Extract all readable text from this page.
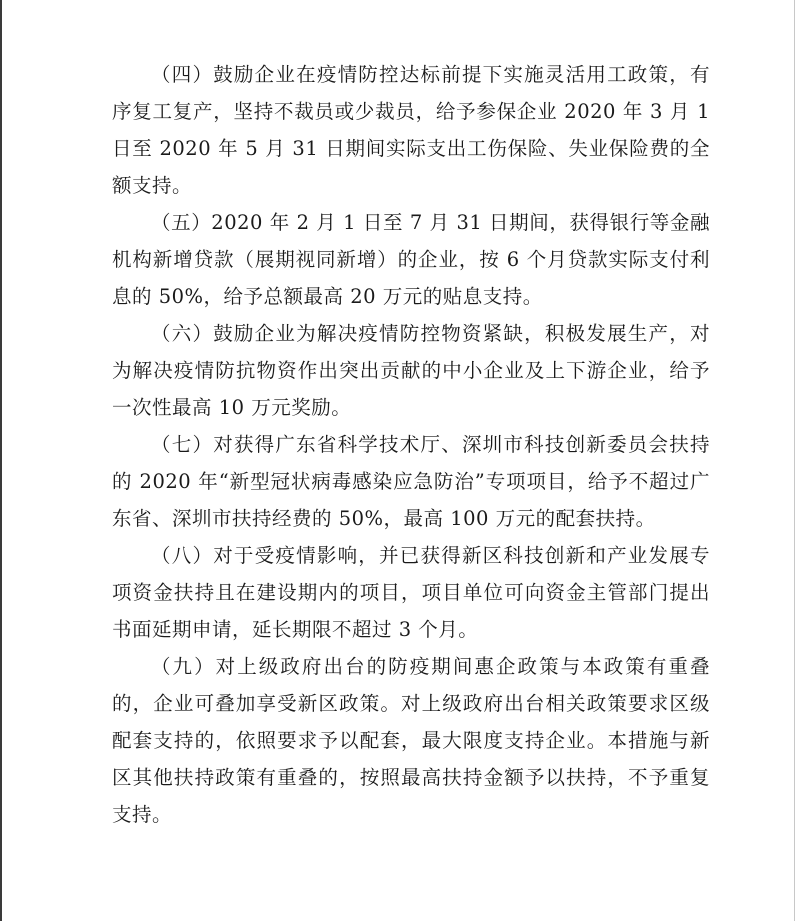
（四）鼓励企业在疫情防控达标前提下实施灵活用工政策，有序复工复产，坚持不裁员或少裁员，给予参保企业 2020 年 3 月 1 日至 2020 年 5 月 31 日期间实际支出工伤保险、失业保险费的全额支持。

（五）2020 年 2 月 1 日至 7 月 31 日期间，获得银行等金融机构新增贷款（展期视同新增）的企业，按 6 个月贷款实际支付利息的 50%，给予总额最高 20 万元的贴息支持。

（六）鼓励企业为解决疫情防控物资紧缺，积极发展生产，对为解决疫情防抗物资作出突出贡献的中小企业及上下游企业，给予一次性最高 10 万元奖励。

（七）对获得广东省科学技术厅、深圳市科技创新委员会扶持的 2020 年“新型冠状病毒感染应急防治”专项项目，给予不超过广东省、深圳市扶持经费的 50%，最高 100 万元的配套扶持。

（八）对于受疫情影响，并已获得新区科技创新和产业发展专项资金扶持且在建设期内的项目，项目单位可向资金主管部门提出书面延期申请，延长期限不超过 3 个月。

（九）对上级政府出台的防疫期间惠企政策与本政策有重叠的，企业可叠加享受新区政策。对上级政府出台相关政策要求区级配套支持的，依照要求予以配套，最大限度支持企业。本措施与新区其他扶持政策有重叠的，按照最高扶持金额予以扶持，不予重复支持。
